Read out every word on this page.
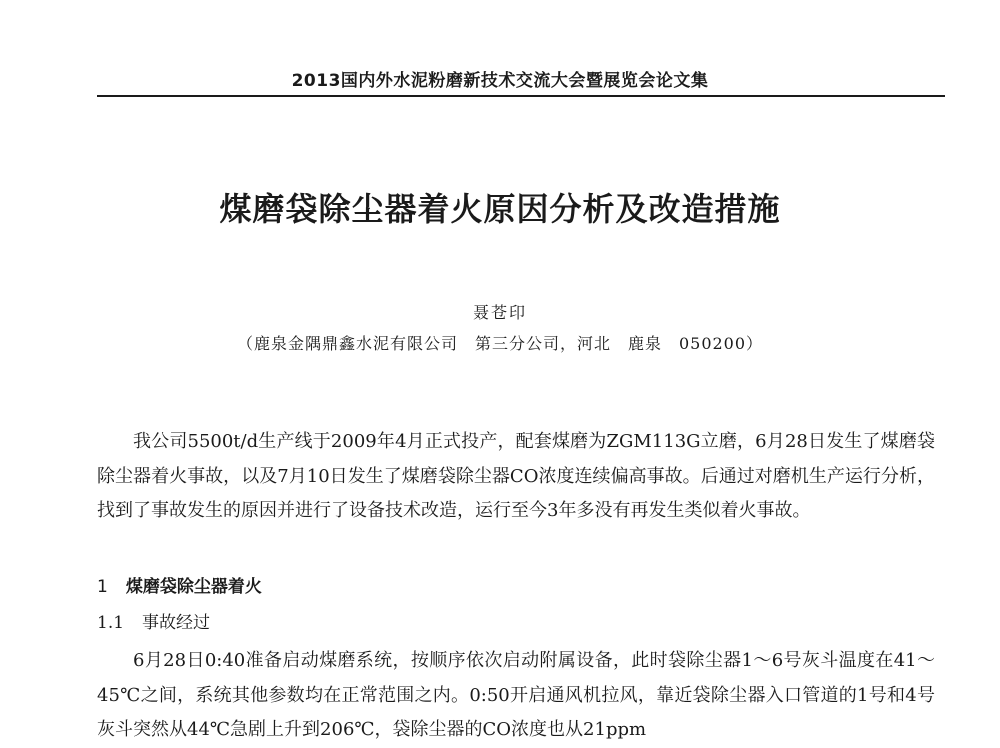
2013国内外水泥粉磨新技术交流大会暨展览会论文集
煤磨袋除尘器着火原因分析及改造措施
聂苍印
（鹿泉金隅鼎鑫水泥有限公司　第三分公司，河北　鹿泉　050200）

我公司5500t/d生产线于2009年4月正式投产，配套煤磨为ZGM113G立磨，6月28日发生了煤磨袋除尘器着火事故，以及7月10日发生了煤磨袋除尘器CO浓度连续偏高事故。后通过对磨机生产运行分析，找到了事故发生的原因并进行了设备技术改造，运行至今3年多没有再发生类似着火事故。

1 煤磨袋除尘器着火
1.1 事故经过

6月28日0:40准备启动煤磨系统，按顺序依次启动附属设备，此时袋除尘器1～6号灰斗温度在41～45℃之间，系统其他参数均在正常范围之内。0:50开启通风机拉风，靠近袋除尘器入口管道的1号和4号灰斗突然从44℃急剧上升到206℃，袋除尘器的CO浓度也从21ppm
